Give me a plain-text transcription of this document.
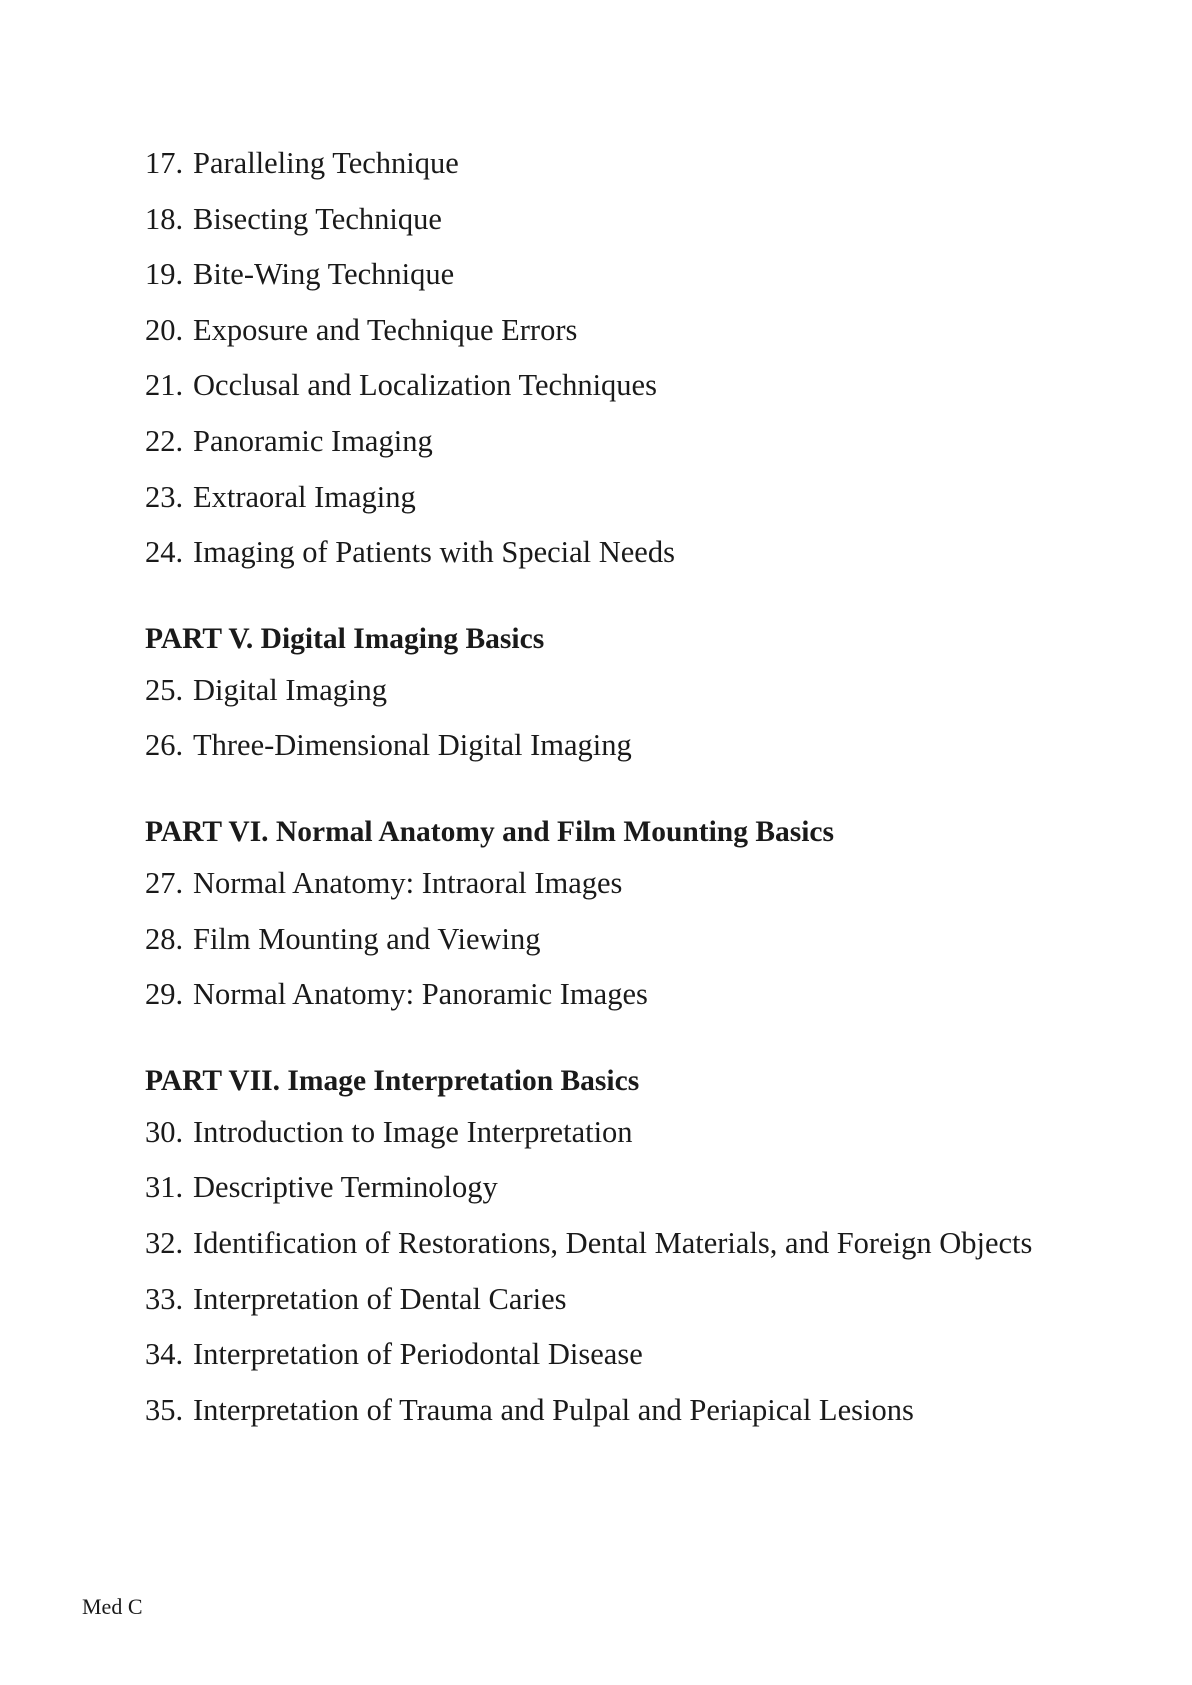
17. Paralleling Technique
18. Bisecting Technique
19. Bite-Wing Technique
20. Exposure and Technique Errors
21. Occlusal and Localization Techniques
22. Panoramic Imaging
23. Extraoral Imaging
24. Imaging of Patients with Special Needs
PART V. Digital Imaging Basics
25. Digital Imaging
26. Three-Dimensional Digital Imaging
PART VI. Normal Anatomy and Film Mounting Basics
27. Normal Anatomy: Intraoral Images
28. Film Mounting and Viewing
29. Normal Anatomy: Panoramic Images
PART VII. Image Interpretation Basics
30. Introduction to Image Interpretation
31. Descriptive Terminology
32. Identification of Restorations, Dental Materials, and Foreign Objects
33. Interpretation of Dental Caries
34. Interpretation of Periodontal Disease
35. Interpretation of Trauma and Pulpal and Periapical Lesions
Med C
